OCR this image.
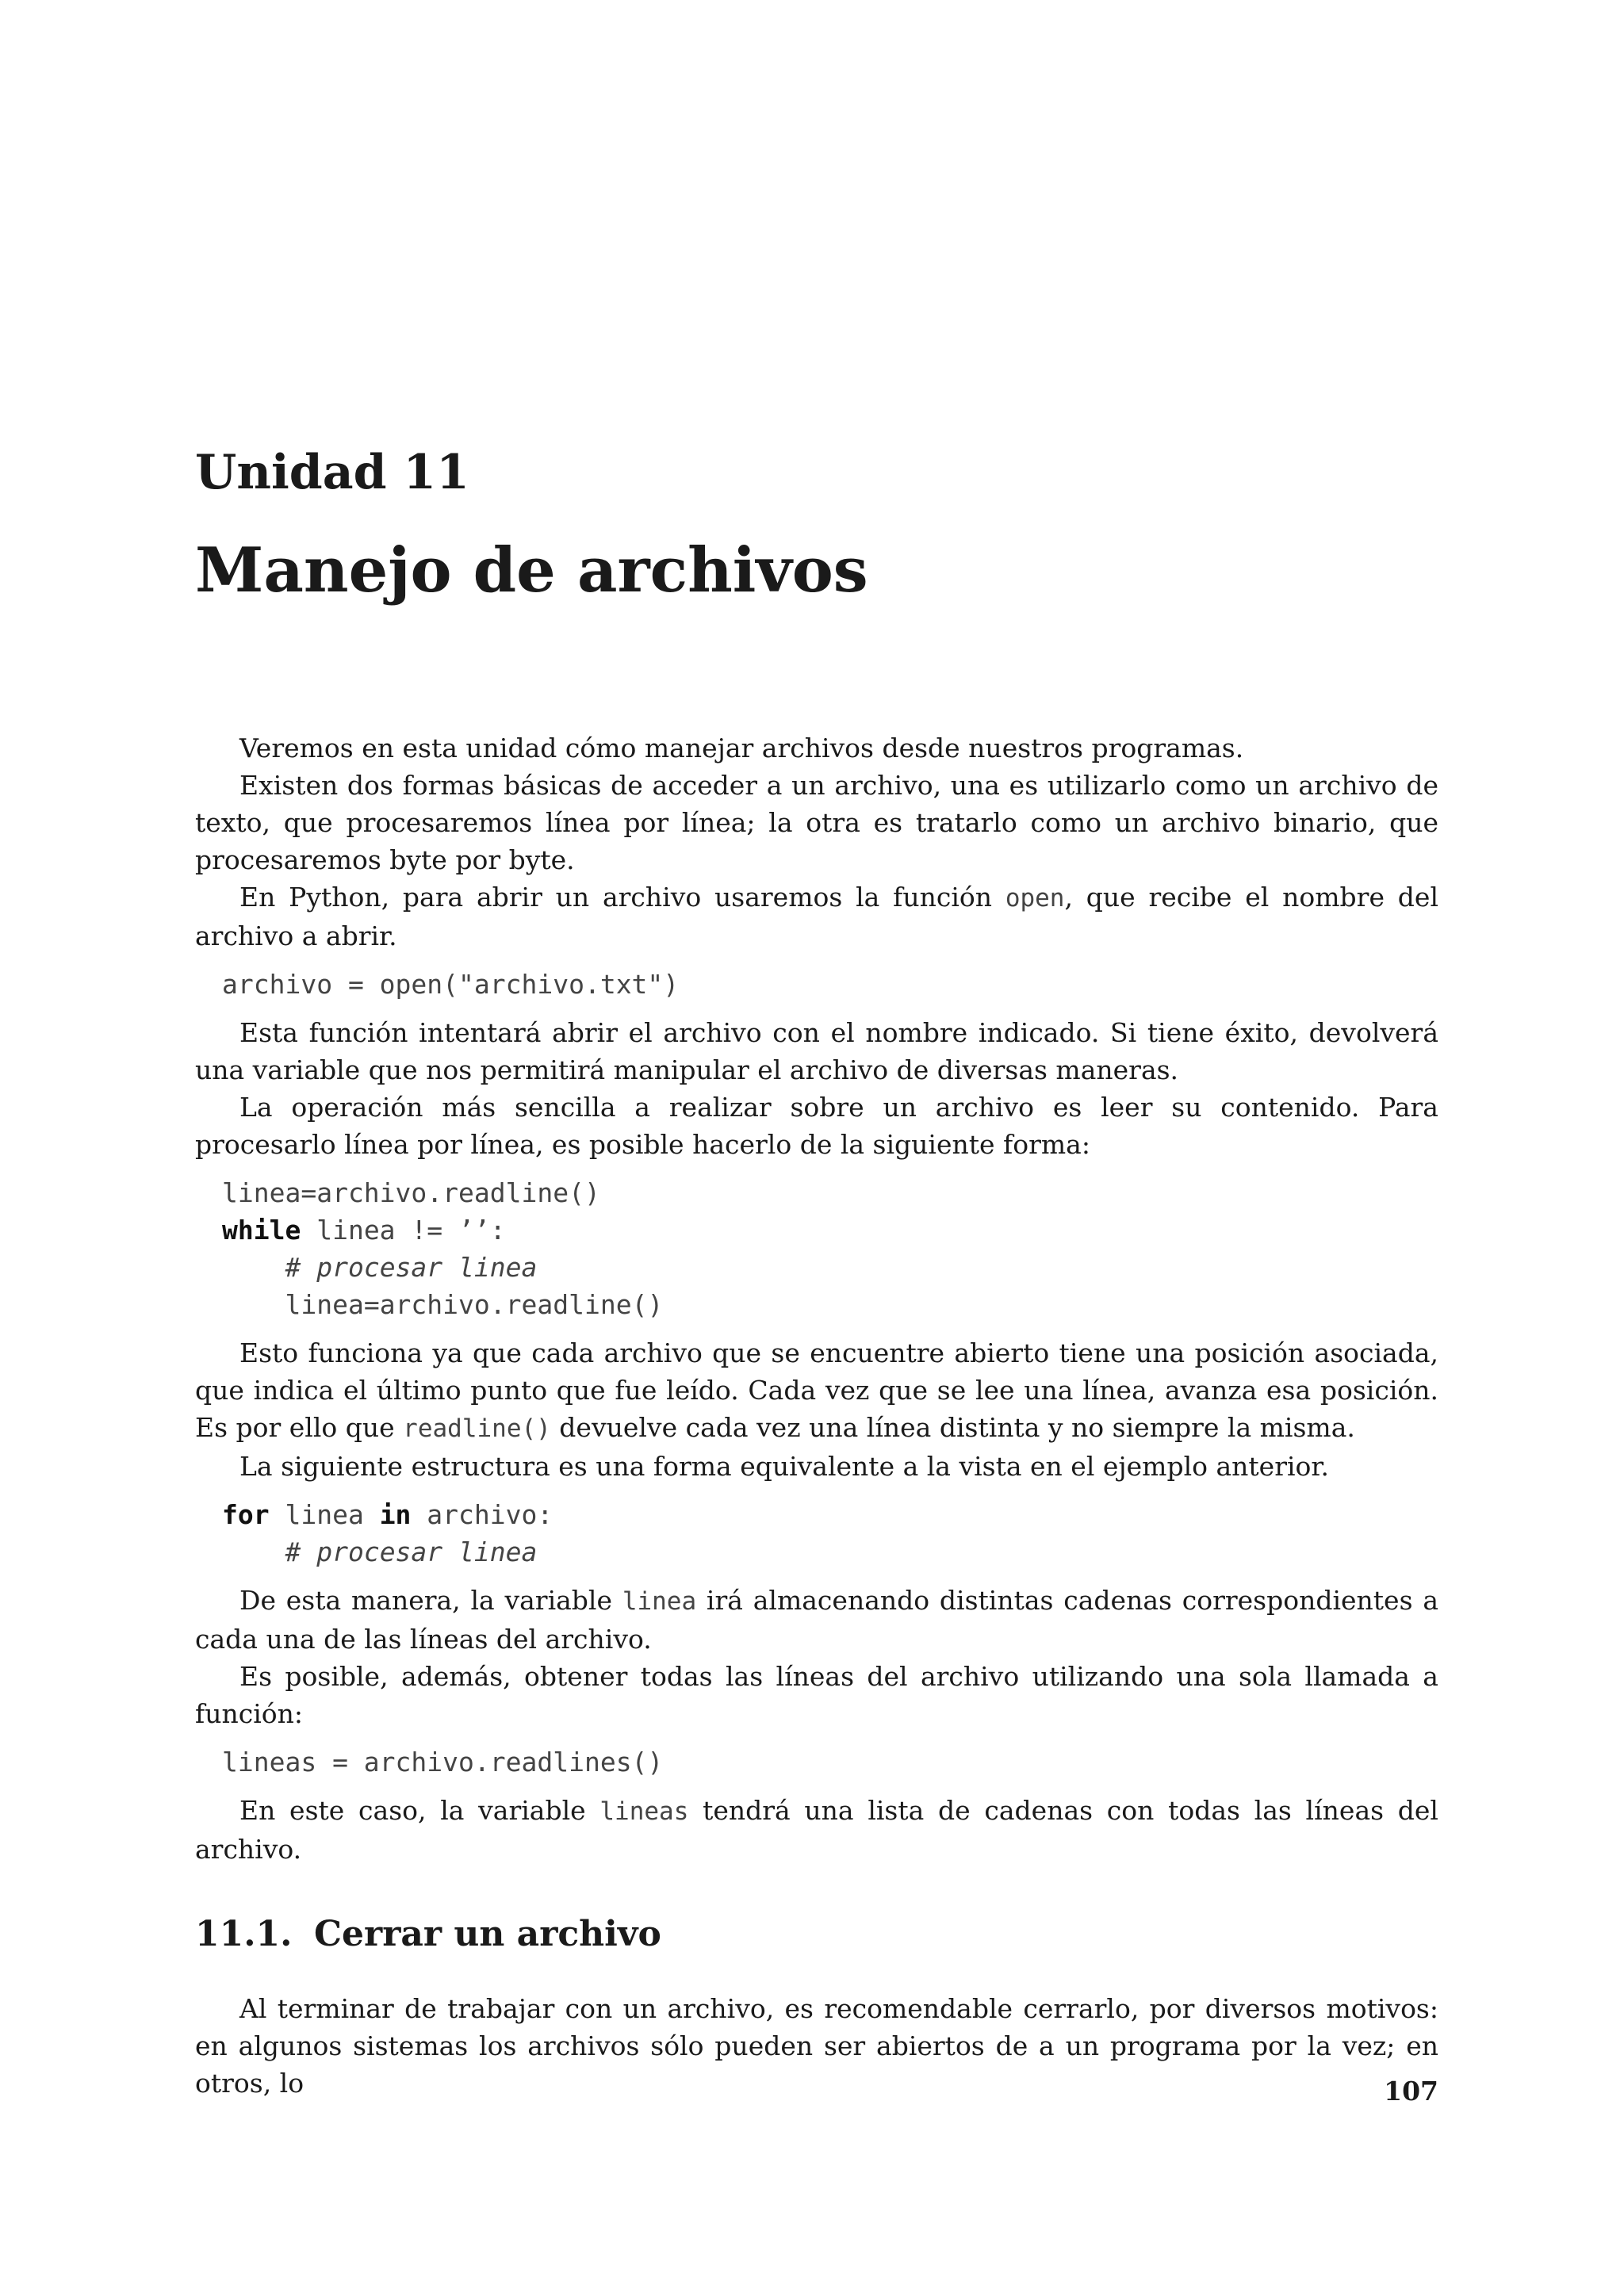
Unidad 11
Manejo de archivos

Veremos en esta unidad cómo manejar archivos desde nuestros programas.

Existen dos formas básicas de acceder a un archivo, una es utilizarlo como un archivo de texto, que procesaremos línea por línea; la otra es tratarlo como un archivo binario, que procesaremos byte por byte.

En Python, para abrir un archivo usaremos la función open, que recibe el nombre del archivo a abrir.

archivo = open("archivo.txt")

Esta función intentará abrir el archivo con el nombre indicado. Si tiene éxito, devolverá una variable que nos permitirá manipular el archivo de diversas maneras.

La operación más sencilla a realizar sobre un archivo es leer su contenido. Para procesarlo línea por línea, es posible hacerlo de la siguiente forma:

linea=archivo.readline()
while linea != ’’:
# procesar linea
linea=archivo.readline()

Esto funciona ya que cada archivo que se encuentre abierto tiene una posición asociada, que indica el último punto que fue leído. Cada vez que se lee una línea, avanza esa posición. Es por ello que readline() devuelve cada vez una línea distinta y no siempre la misma.

La siguiente estructura es una forma equivalente a la vista en el ejemplo anterior.

for linea in archivo:
# procesar linea

De esta manera, la variable linea irá almacenando distintas cadenas correspondientes a cada una de las líneas del archivo.

Es posible, además, obtener todas las líneas del archivo utilizando una sola llamada a función:

lineas = archivo.readlines()

En este caso, la variable lineas tendrá una lista de cadenas con todas las líneas del archivo.

11.1. Cerrar un archivo

Al terminar de trabajar con un archivo, es recomendable cerrarlo, por diversos motivos: en algunos sistemas los archivos sólo pueden ser abiertos de a un programa por la vez; en otros, lo	107
